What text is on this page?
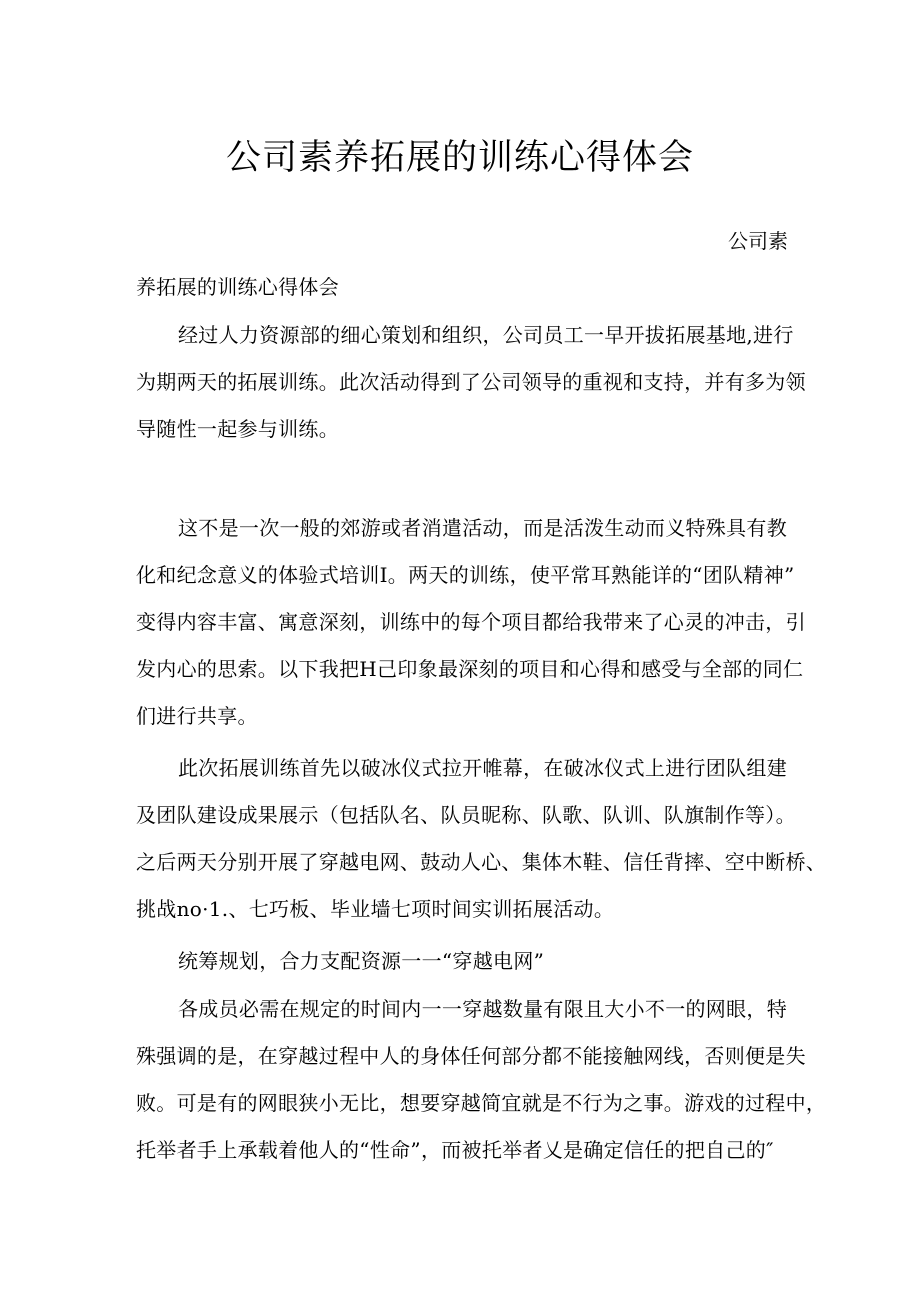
公司素养拓展的训练心得体会
公司素
养拓展的训练心得体会
经过人力资源部的细心策划和组织，公司员工一早开拔拓展基地,进行
为期两天的拓展训练。此次活动得到了公司领导的重视和支持，并有多为领
导随性一起参与训练。
这不是一次一般的郊游或者消遣活动，而是活泼生动而义特殊具有教
化和纪念意义的体验式培训I。两天的训练，使平常耳熟能详的“团队精神”
变得内容丰富、寓意深刻，训练中的每个项目都给我带来了心灵的冲击，引
发内心的思索。以下我把H己印象最深刻的项目和心得和感受与全部的同仁
们进行共享。
此次拓展训练首先以破冰仪式拉开帷幕，在破冰仪式上进行团队组建
及团队建设成果展示（包括队名、队员昵称、队歌、队训、队旗制作等）。
之后两天分别开展了穿越电网、鼓动人心、集体木鞋、信任背摔、空中断桥、
挑战no·1.、七巧板、毕业墙七项时间实训拓展活动。
统筹规划，合力支配资源一一“穿越电网”
各成员必需在规定的时间内一一穿越数量有限且大小不一的网眼，特
殊强调的是，在穿越过程中人的身体任何部分都不能接触网线，否则便是失
败。可是有的网眼狭小无比，想要穿越简宜就是不行为之事。游戏的过程中，
托举者手上承载着他人的“性命”，而被托举者乂是确定信任的把自己的″
